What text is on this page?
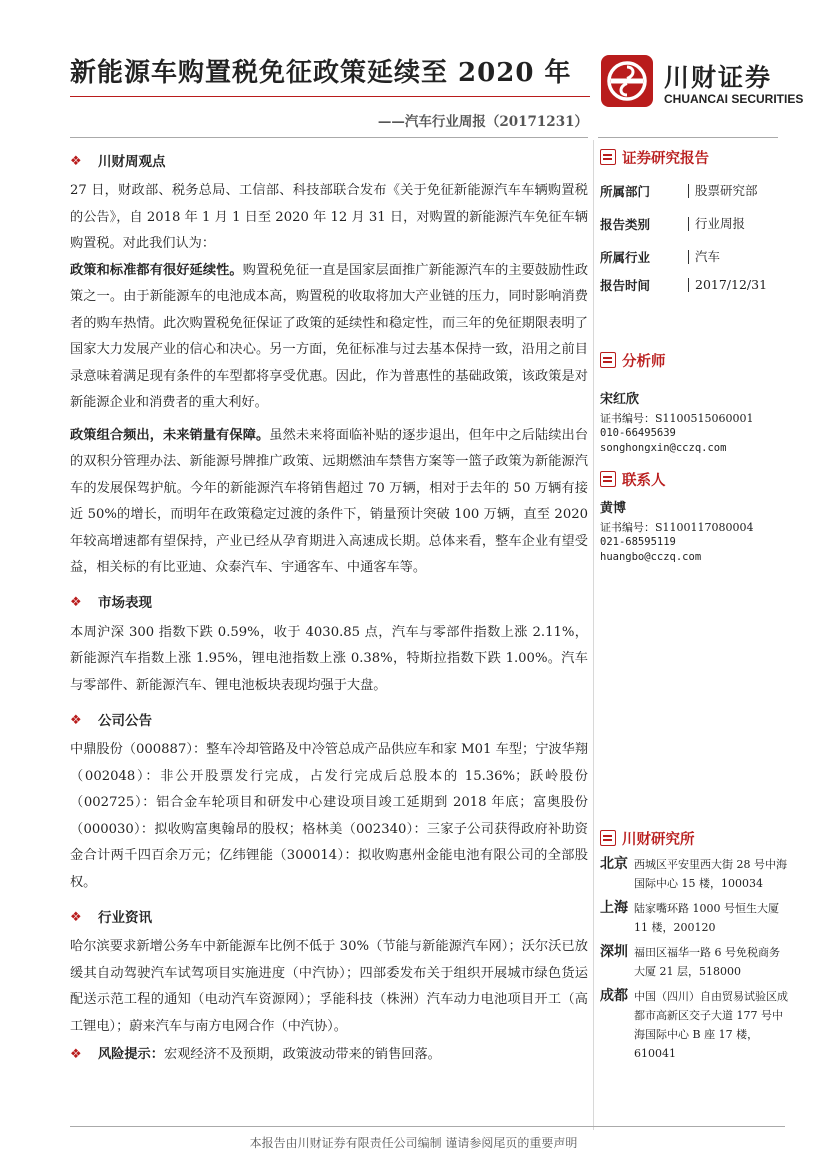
新能源车购置税免征政策延续至 2020 年
——汽车行业周报（20171231）
川财证券
CHUANCAI SECURITIES
❖	川财周观点

27 日，财政部、税务总局、工信部、科技部联合发布《关于免征新能源汽车车辆购置税的公告》，自 2018 年 1 月 1 日至 2020 年 12 月 31 日，对购置的新能源汽车免征车辆购置税。对此我们认为：

政策和标准都有很好延续性。购置税免征一直是国家层面推广新能源汽车的主要鼓励性政策之一。由于新能源车的电池成本高，购置税的收取将加大产业链的压力，同时影响消费者的购车热情。此次购置税免征保证了政策的延续性和稳定性，而三年的免征期限表明了国家大力发展产业的信心和决心。另一方面，免征标准与过去基本保持一致，沿用之前目录意味着满足现有条件的车型都将享受优惠。因此，作为普惠性的基础政策，该政策是对新能源企业和消费者的重大利好。

政策组合频出，未来销量有保障。虽然未来将面临补贴的逐步退出，但年中之后陆续出台的双积分管理办法、新能源号牌推广政策、远期燃油车禁售方案等一篮子政策为新能源汽车的发展保驾护航。今年的新能源汽车将销售超过 70 万辆，相对于去年的 50 万辆有接近 50%的增长，而明年在政策稳定过渡的条件下，销量预计突破 100 万辆，直至 2020 年较高增速都有望保持，产业已经从孕育期进入高速成长期。总体来看，整车企业有望受益，相关标的有比亚迪、众泰汽车、宇通客车、中通客车等。

❖	市场表现

本周沪深 300 指数下跌 0.59%，收于 4030.85 点，汽车与零部件指数上涨 2.11%，新能源汽车指数上涨 1.95%，锂电池指数上涨 0.38%，特斯拉指数下跌 1.00%。汽车与零部件、新能源汽车、锂电池板块表现均强于大盘。

❖	公司公告

中鼎股份（000887）：整车冷却管路及中冷管总成产品供应车和家 M01 车型；宁波华翔（002048）：非公开股票发行完成，占发行完成后总股本的 15.36%；跃岭股份（002725）：铝合金车轮项目和研发中心建设项目竣工延期到 2018 年底；富奥股份（000030）：拟收购富奥翰昂的股权；格林美（002340）：三家子公司获得政府补助资金合计两千四百余万元；亿纬锂能（300014）：拟收购惠州金能电池有限公司的全部股权。

❖	行业资讯

哈尔滨要求新增公务车中新能源车比例不低于 30%（节能与新能源汽车网）；沃尔沃已放缓其自动驾驶汽车试驾项目实施进度（中汽协）；四部委发布关于组织开展城市绿色货运配送示范工程的通知（电动汽车资源网）；孚能科技（株洲）汽车动力电池项目开工（高工锂电）；蔚来汽车与南方电网合作（中汽协）。

❖	风险提示： 宏观经济不及预期，政策波动带来的销售回落。
证券研究报告
所属部门	股票研究部
报告类别	行业周报
所属行业	汽车
报告时间	2017/12/31
分析师
宋红欣
证书编号：S1100515060001
010-66495639
songhongxin@cczq.com
联系人
黄博
证书编号：S1100117080004
021-68595119
huangbo@cczq.com
川财研究所
北京 西城区平安里西大街 28 号中海国际中心 15 楼，100034
上海 陆家嘴环路 1000 号恒生大厦 11 楼，200120
深圳 福田区福华一路 6 号免税商务大厦 21 层，518000
成都 中国（四川）自由贸易试验区成都市高新区交子大道 177 号中海国际中心 B 座 17 楼，610041
本报告由川财证券有限责任公司编制 谨请参阅尾页的重要声明
